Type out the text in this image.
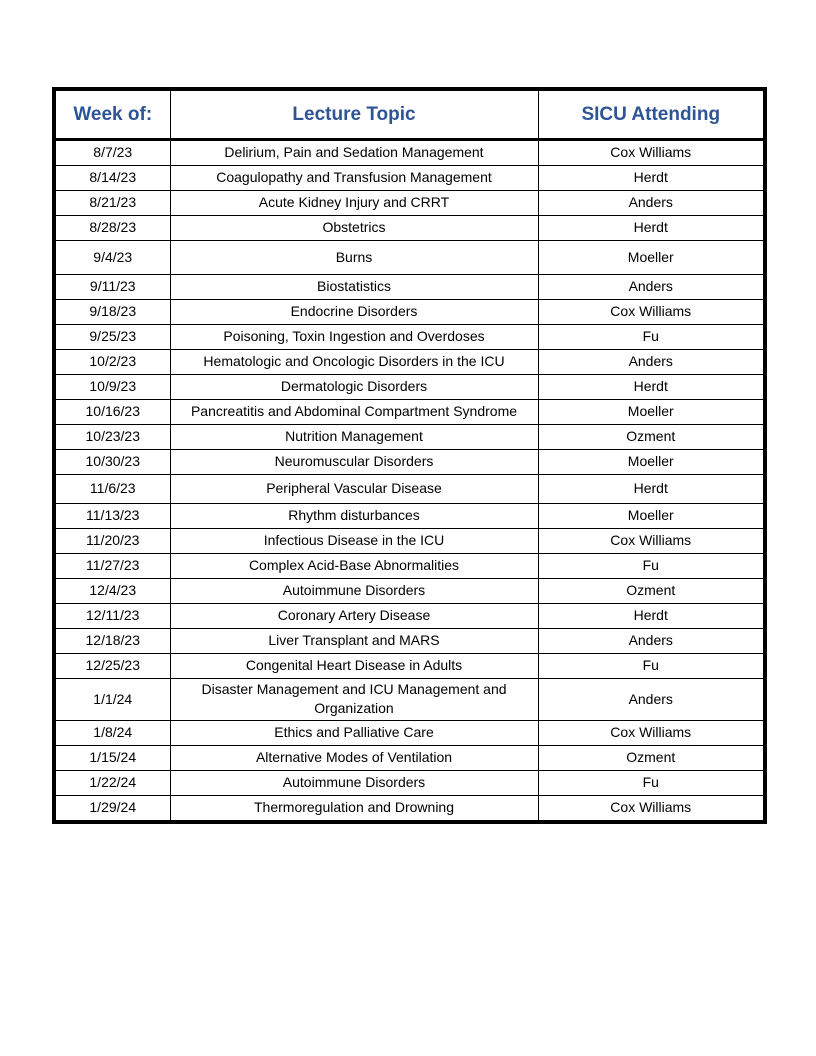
Week of:	Lecture Topic	SICU Attending
8/7/23	Delirium, Pain and Sedation Management	Cox Williams
8/14/23	Coagulopathy and Transfusion Management	Herdt
8/21/23	Acute Kidney Injury and CRRT	Anders
8/28/23	Obstetrics	Herdt
9/4/23	Burns	Moeller
9/11/23	Biostatistics	Anders
9/18/23	Endocrine Disorders	Cox Williams
9/25/23	Poisoning, Toxin Ingestion and Overdoses	Fu
10/2/23	Hematologic and Oncologic Disorders in the ICU	Anders
10/9/23	Dermatologic Disorders	Herdt
10/16/23	Pancreatitis and Abdominal Compartment Syndrome	Moeller
10/23/23	Nutrition Management	Ozment
10/30/23	Neuromuscular Disorders	Moeller
11/6/23	Peripheral Vascular Disease	Herdt
11/13/23	Rhythm disturbances	Moeller
11/20/23	Infectious Disease in the ICU	Cox Williams
11/27/23	Complex Acid-Base Abnormalities	Fu
12/4/23	Autoimmune Disorders	Ozment
12/11/23	Coronary Artery Disease	Herdt
12/18/23	Liver Transplant and MARS	Anders
12/25/23	Congenital Heart Disease in Adults	Fu
1/1/24	Disaster Management and ICU Management and Organization	Anders
1/8/24	Ethics and Palliative Care	Cox Williams
1/15/24	Alternative Modes of Ventilation	Ozment
1/22/24	Autoimmune Disorders	Fu
1/29/24	Thermoregulation and Drowning	Cox Williams
